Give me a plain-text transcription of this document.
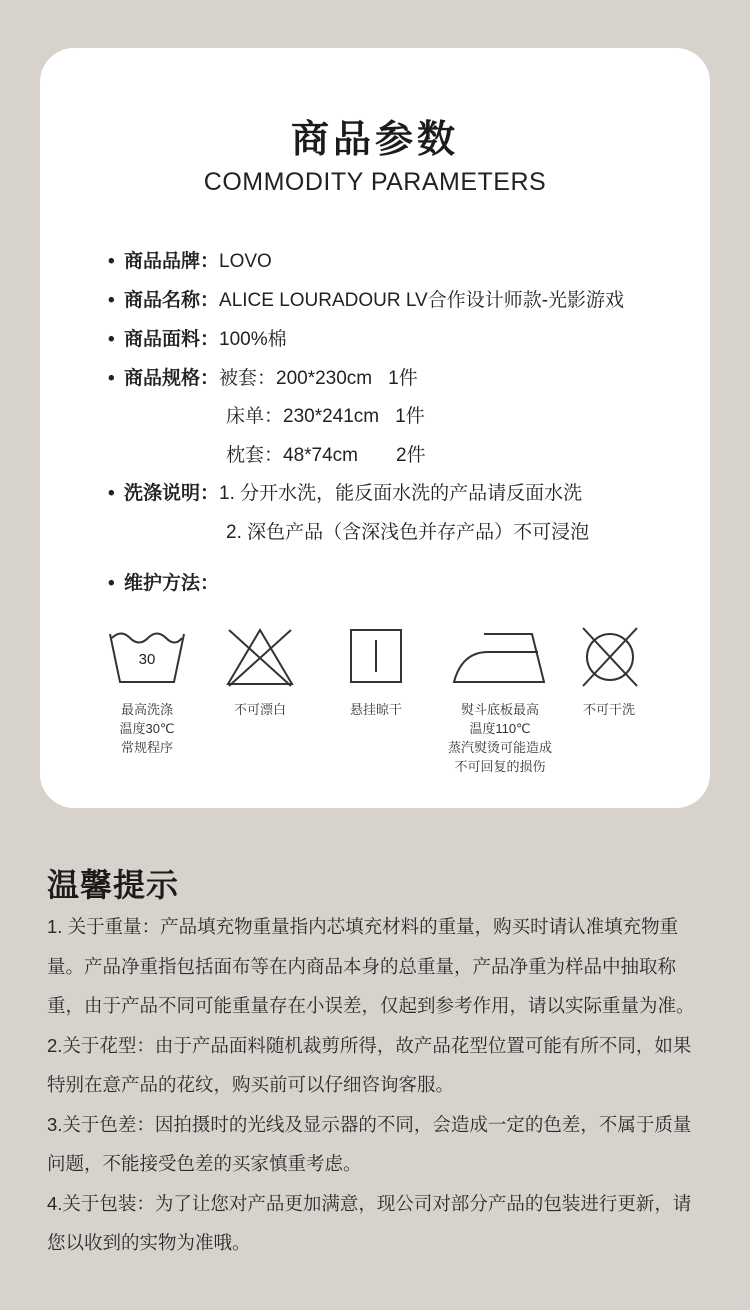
商品参数
COMMODITY PARAMETERS
• 商品品牌：LOVO
• 商品名称：ALICE LOURADOUR LV合作设计师款-光影游戏
• 商品面料：100%棉
• 商品规格：被套：200*230cm 1件
床单：230*241cm 1件
枕套：48*74cm 2件
• 洗涤说明：1. 分开水洗，能反面水洗的产品请反面水洗
2. 深色产品（含深浅色并存产品）不可浸泡
• 维护方法：
30
最高洗涤
温度30℃
常规程序
不可漂白	悬挂晾干	熨斗底板最高
温度110℃
蒸汽熨烫可能造成
不可回复的损伤
不可干洗
温馨提示

1. 关于重量：产品填充物重量指内芯填充材料的重量，购买时请认准填充物重量。产品净重指包括面布等在内商品本身的总重量，产品净重为样品中抽取称重，由于产品不同可能重量存在小误差，仅起到参考作用，请以实际重量为准。

2.关于花型：由于产品面料随机裁剪所得，故产品花型位置可能有所不同，如果特别在意产品的花纹，购买前可以仔细咨询客服。

3.关于色差：因拍摄时的光线及显示器的不同，会造成一定的色差，不属于质量问题，不能接受色差的买家慎重考虑。

4.关于包装：为了让您对产品更加满意，现公司对部分产品的包装进行更新，请您以收到的实物为准哦。
